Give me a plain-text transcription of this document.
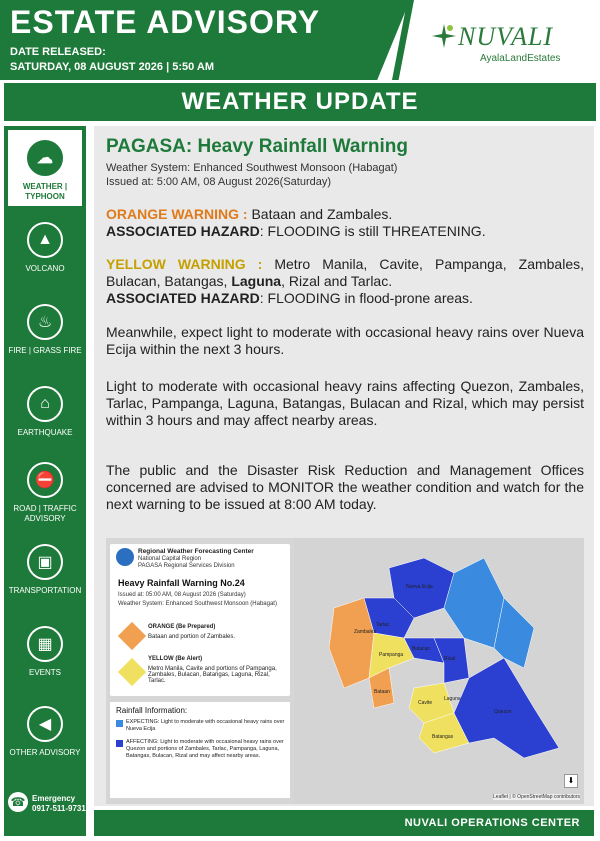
ESTATE ADVISORY
DATE RELEASED:
SATURDAY, 08 AUGUST 2026 | 5:50 AM
NUVALI
AyalaLandEstates
WEATHER UPDATE
☁
WEATHER | TYPHOON
▲
VOLCANO
♨
FIRE | GRASS FIRE
⌂
EARTHQUAKE
⛔
ROAD | TRAFFIC ADVISORY
▣
TRANSPORTATION
▦
EVENTS
◀
OTHER ADVISORY
☎ Emergency
0917-511-9731
PAGASA: Heavy Rainfall Warning
Weather System: Enhanced Southwest Monsoon (Habagat)
Issued at: 5:00 AM, 08 August 2026(Saturday)
ORANGE WARNING : Bataan and Zambales.
ASSOCIATED HAZARD: FLOODING is still THREATENING.
YELLOW WARNING : Metro Manila, Cavite, Pampanga, Zambales, Bulacan, Batangas, Laguna, Rizal and Tarlac.
ASSOCIATED HAZARD: FLOODING in flood-prone areas.
Meanwhile, expect light to moderate with occasional heavy rains over Nueva Ecija within the next 3 hours.
Light to moderate with occasional heavy rains affecting Quezon, Zambales, Tarlac, Pampanga, Laguna, Batangas, Bulacan and Rizal, which may persist within 3 hours and may affect nearby areas.
The public and the Disaster Risk Reduction and Management Offices concerned are advised to MONITOR the weather condition and watch for the next warning to be issued at 8:00 AM today.
Regional Weather Forecasting Center
National Capital Region
PAGASA Regional Services Division
Heavy Rainfall Warning No.24
Issued at: 05:00 AM, 08 August 2026 (Saturday)
Weather System: Enhanced Southwest Monsoon (Habagat)
ORANGE (Be Prepared)
Bataan and portion of Zambales.
YELLOW (Be Alert)
Metro Manila, Cavite and portions of Pampanga, Zambales, Bulacan, Batangas, Laguna, Rizal, Tarlac.
Rainfall Information:
EXPECTING: Light to moderate with occasional heavy rains over Nueva Ecija
AFFECTING: Light to moderate with occasional heavy rains over Quezon and portions of Zambales, Tarlac, Pampanga, Laguna, Batangas, Bulacan, Rizal and may affect nearby areas.
Zambales
Tarlac
Pampanga
Bulacan
Rizal
Bataan
Cavite
Laguna
Batangas
Quezon
Nueva Ecija
⬇
Leaflet | © OpenStreetMap contributors
NUVALI OPERATIONS CENTER
